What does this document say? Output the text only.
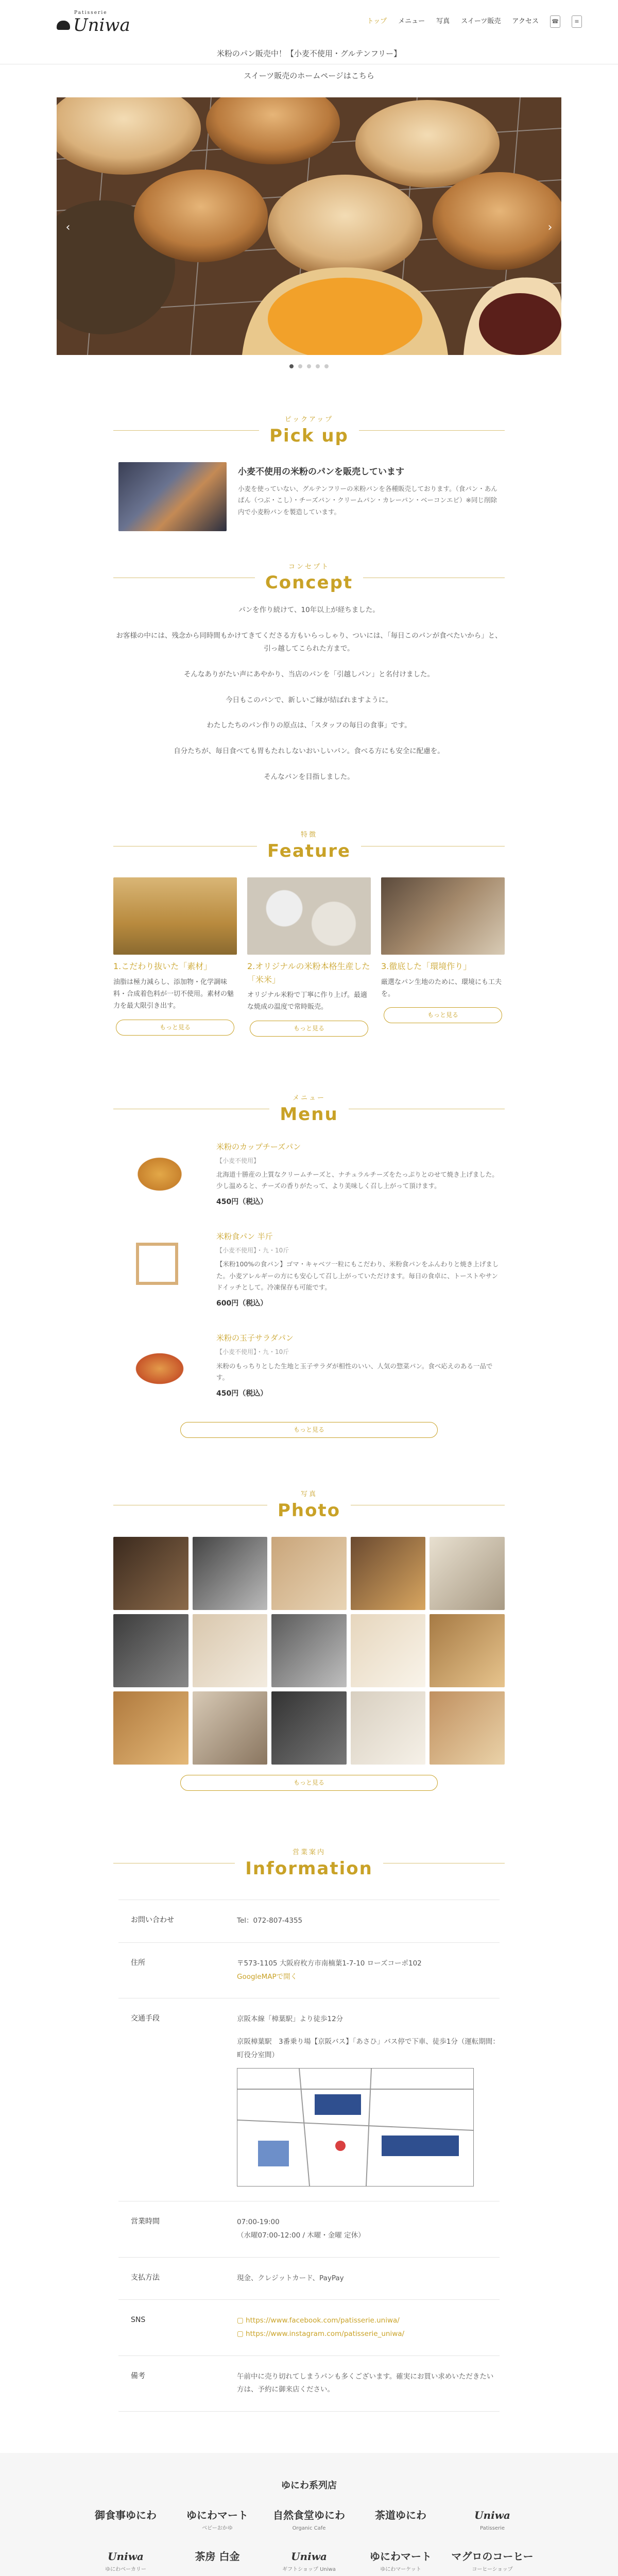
Patisserie
Uniwa	トップ メニュー 写真 スイーツ販売 アクセス ☎	≡
米粉のパン販売中！【小麦不使用・グルテンフリー】
スイーツ販売のホームページはこちら
‹	›
ピックアップ
Pick up
小麦不使用の米粉のパンを販売しています
小麦を使っていない、グルテンフリーの米粉パンを各種販売しております。（食パン・あんぱん（つぶ・こし）・チーズパン・クリームパン・カレーパン・ベーコンエピ）※同じ削除内で小麦粉パンを製造しています。
コンセプト
Concept

パンを作り続けて、10年以上が経ちました。

お客様の中には、残念から同時間もかけてきてくださる方もいらっしゃり、ついには、「毎日このパンが食べたいから」と、引っ越してこられた方まで。

そんなありがたい声にあやかり、当店のパンを「引越しパン」と名付けました。

今日もこのパンで、新しいご縁が結ばれますように。

わたしたちのパン作りの原点は、「スタッフの毎日の食事」です。

自分たちが、毎日食べても胃もたれしないおいしいパン。食べる方にも安全に配慮を。

そんなパンを目指しました。

特徴
Feature
1.こだわり抜いた「素材」
油脂は極力減らし、添加物・化学調味料・合成着色料が一切不使用。素材の魅力を最大限引き出す。
もっと見る
2.オリジナルの米粉本格生産した「米米」
オリジナル米粉で丁寧に作り上げ。最適な焼成の温度で常時販売。
もっと見る
3.徹底した「環境作り」
厳選なパン生地のために、環境にも工夫を。
もっと見る
メニュー
Menu
米粉のカップチーズパン
【小麦不使用】
北海道十勝産の上質なクリームチーズと、ナチュラルチーズをたっぷりとのせて焼き上げました。少し温めると、チーズの香りがたって、より美味しく召し上がって頂けます。
450円（税込）
米粉食パン 半斤
【小麦不使用】・九・10斤
【米粉100%の食パン】ゴマ・キャベツ一粒にもこだわり、米粉食パンをふんわりと焼き上げました。小麦アレルギーの方にも安心して召し上がっていただけます。毎日の食卓に、トーストやサンドイッチとして。冷凍保存も可能です。
600円（税込）
米粉の玉子サラダパン
【小麦不使用】・九・10斤
米粉のもっちりとした生地と玉子サラダが相性のいい、人気の惣菜パン。食べ応えのある一品です。
450円（税込）
もっと見る
写真
Photo
もっと見る
営業案内
Information
お問い合わせ	Tel：072-807-4355
住所	〒573-1105 大阪府枚方市南楠葉1-7-10 ローズコーポ102
GoogleMAPで開く
交通手段	京阪本線「樟葉駅」より徒歩12分
京阪樟葉駅　3番乗り場【京阪バス】「あさひ」バス停で下車、徒歩1分（運転期間：町役分室間）
営業時間	07:00-19:00
（水曜07:00-12:00 / 木曜・金曜 定休）
支払方法	現金、クレジットカード、PayPay
SNS	▢ https://www.facebook.com/patisserie.uniwa/
▢ https://www.instagram.com/patisserie_uniwa/
備考	午前中に売り切れてしまうパンも多くございます。確実にお買い求めいただきたい方は、予約に御来店ください。
ゆにわ系列店
御食事ゆにわ	ゆにわマート
ベビーおかゆ
自然食堂ゆにわ
Organic Cafe
茶道ゆにわ	Uniwa
Patisserie
Uniwa
ゆにわベーカリー
茶房 白金	Uniwa
ギフトショップ Uniwa
ゆにわマート
ゆにわマーケット
マグロのコーヒー
コーヒーショップ
